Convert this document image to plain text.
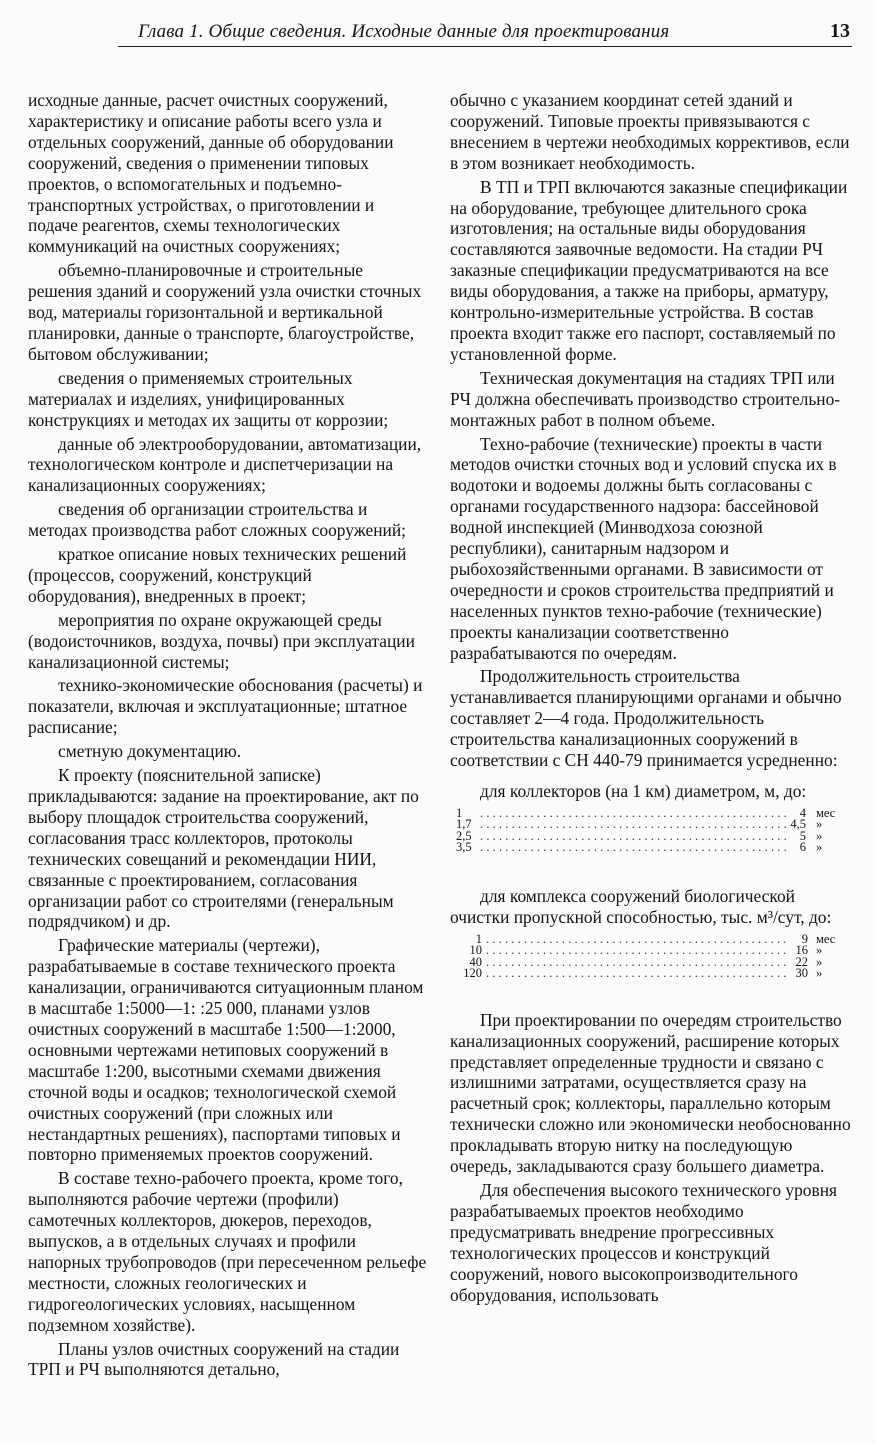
Глава 1. Общие сведения. Исходные данные для проектирования	13

исходные данные, расчет очистных сооружений, характеристику и описание работы всего узла и отдельных сооружений, данные об оборудовании сооружений, сведения о применении типовых проектов, о вспомогательных и подъемно-транспортных устройствах, о приготовлении и подаче реагентов, схемы технологических коммуникаций на очистных сооружениях;

объемно-планировочные и строительные решения зданий и сооружений узла очистки сточных вод, материалы горизонтальной и вертикальной планировки, данные о транспорте, благоустройстве, бытовом обслуживании;

сведения о применяемых строительных материалах и изделиях, унифицированных конструкциях и методах их защиты от коррозии;

данные об электрооборудовании, автоматизации, технологическом контроле и диспетчеризации на канализационных сооружениях;

сведения об организации строительства и методах производства работ сложных сооружений;

краткое описание новых технических решений (процессов, сооружений, конструкций оборудования), внедренных в проект;

мероприятия по охране окружающей среды (водоисточников, воздуха, почвы) при эксплуатации канализационной системы;

технико-экономические обоснования (расчеты) и показатели, включая и эксплуатационные; штатное расписание;

сметную документацию.

К проекту (пояснительной записке) прикладываются: задание на проектирование, акт по выбору площадок строительства сооружений, согласования трасс коллекторов, протоколы технических совещаний и рекомендации НИИ, связанные с проектированием, согласования организации работ со строителями (генеральным подрядчиком) и др.

Графические материалы (чертежи), разрабатываемые в составе технического проекта канализации, ограничиваются ситуационным планом в масштабе 1:5000—1: :25 000, планами узлов очистных сооружений в масштабе 1:500—1:2000, основными чертежами нетиповых сооружений в масштабе 1:200, высотными схемами движения сточной воды и осадков; технологической схемой очистных сооружений (при сложных или нестандартных решениях), паспортами типовых и повторно применяемых проектов сооружений.

В составе техно-рабочего проекта, кроме того, выполняются рабочие чертежи (профили) самотечных коллекторов, дюкеров, переходов, выпусков, а в отдельных случаях и профили напорных трубопроводов (при пересеченном рельефе местности, сложных геологических и гидрогеологических условиях, насыщенном подземном хозяйстве).

Планы узлов очистных сооружений на стадии ТРП и РЧ выполняются детально,

обычно с указанием координат сетей зданий и сооружений. Типовые проекты привязываются с внесением в чертежи необходимых коррективов, если в этом возникает необходимость.

В ТП и ТРП включаются заказные спецификации на оборудование, требующее длительного срока изготовления; на остальные виды оборудования составляются заявочные ведомости. На стадии РЧ заказные спецификации предусматриваются на все виды оборудования, а также на приборы, арматуру, контрольно-измерительные устройства. В состав проекта входит также его паспорт, составляемый по установленной форме.

Техническая документация на стадиях ТРП или РЧ должна обеспечивать производство строительно-монтажных работ в полном объеме.

Техно-рабочие (технические) проекты в части методов очистки сточных вод и условий спуска их в водотоки и водоемы должны быть согласованы с органами государственного надзора: бассейновой водной инспекцией (Минводхоза союзной республики), санитарным надзором и рыбохозяйственными органами. В зависимости от очередности и сроков строительства предприятий и населенных пунктов техно-рабочие (технические) проекты канализации соответственно разрабатываются по очередям.

Продолжительность строительства устанавливается планирующими органами и обычно составляет 2—4 года. Продолжительность строительства канализационных сооружений в соответствии с СН 440-79 принимается усредненно:

для коллекторов (на 1 км) диаметром, м, до:

1 .....	4 мес
1,7 .....	4,5 »
2,5 .....	5 »
3,5 .....	6 »

для комплекса сооружений биологической очистки пропускной способностью, тыс. м³/сут, до:

1 .....	9 мес
10 .....	16 »
40 .....	22 »
120 .....	30 »

При проектировании по очередям строительство канализационных сооружений, расширение которых представляет определенные трудности и связано с излишними затратами, осуществляется сразу на расчетный срок; коллекторы, параллельно которым технически сложно или экономически необоснованно прокладывать вторую нитку на последующую очередь, закладываются сразу большего диаметра.

Для обеспечения высокого технического уровня разрабатываемых проектов необходимо предусматривать внедрение прогрессивных технологических процессов и конструкций сооружений, нового высокопроизводительного оборудования, использовать
